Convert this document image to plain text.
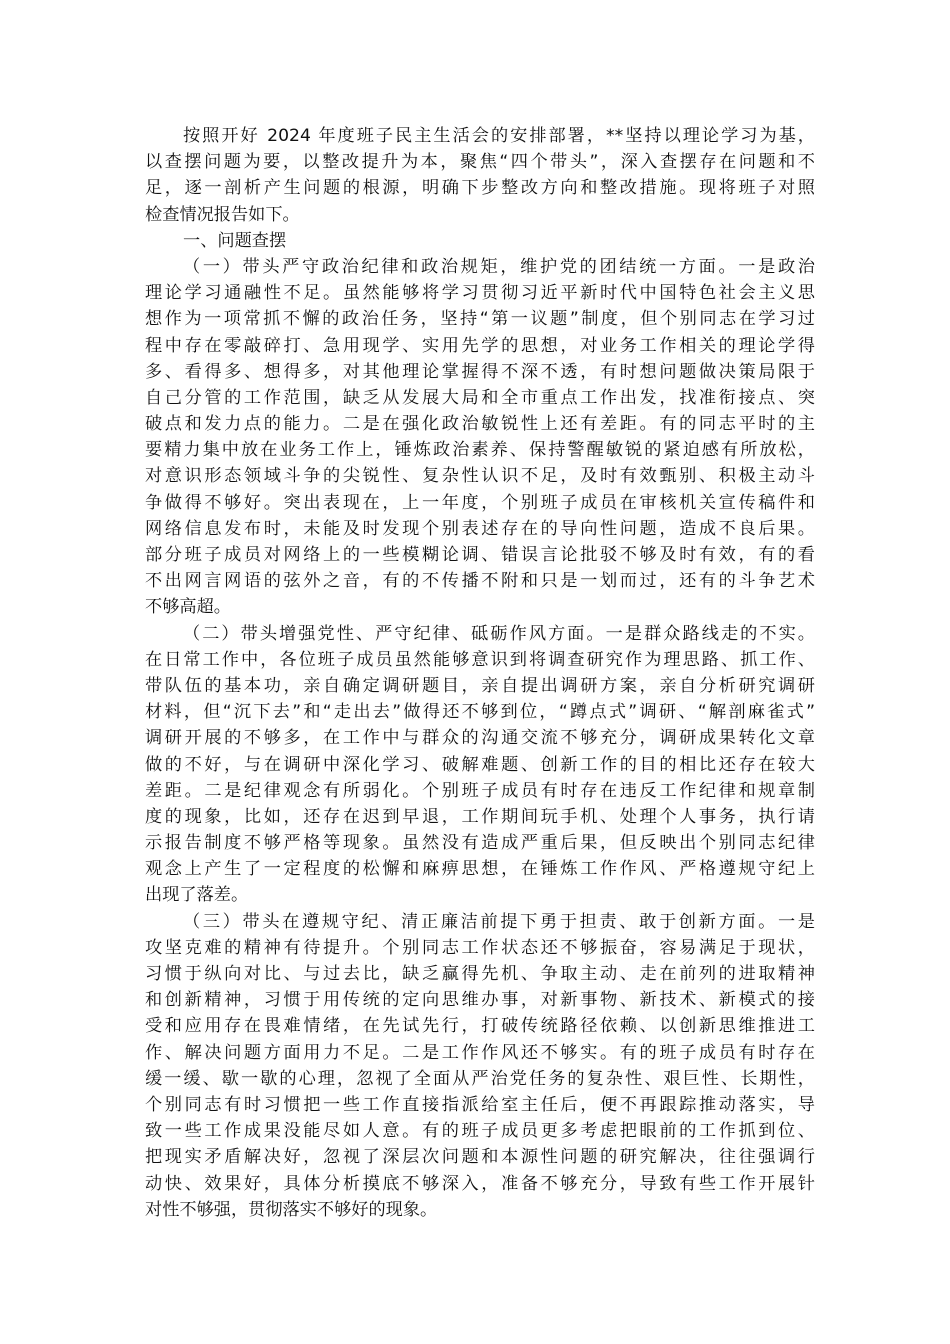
按照开好 2024 年度班子民主生活会的安排部署，**坚持以理论学习为基，
以查摆问题为要，以整改提升为本，聚焦“四个带头”，深入查摆存在问题和不
足，逐一剖析产生问题的根源，明确下步整改方向和整改措施。现将班子对照
检查情况报告如下。
一、问题查摆
（一）带头严守政治纪律和政治规矩，维护党的团结统一方面。一是政治
理论学习通融性不足。虽然能够将学习贯彻习近平新时代中国特色社会主义思
想作为一项常抓不懈的政治任务，坚持“第一议题”制度，但个别同志在学习过
程中存在零敲碎打、急用现学、实用先学的思想，对业务工作相关的理论学得
多、看得多、想得多，对其他理论掌握得不深不透，有时想问题做决策局限于
自己分管的工作范围，缺乏从发展大局和全市重点工作出发，找准衔接点、突
破点和发力点的能力。二是在强化政治敏锐性上还有差距。有的同志平时的主
要精力集中放在业务工作上，锤炼政治素养、保持警醒敏锐的紧迫感有所放松，
对意识形态领域斗争的尖锐性、复杂性认识不足，及时有效甄别、积极主动斗
争做得不够好。突出表现在，上一年度，个别班子成员在审核机关宣传稿件和
网络信息发布时，未能及时发现个别表述存在的导向性问题，造成不良后果。
部分班子成员对网络上的一些模糊论调、错误言论批驳不够及时有效，有的看
不出网言网语的弦外之音，有的不传播不附和只是一划而过，还有的斗争艺术
不够高超。
（二）带头增强党性、严守纪律、砥砺作风方面。一是群众路线走的不实。
在日常工作中，各位班子成员虽然能够意识到将调查研究作为理思路、抓工作、
带队伍的基本功，亲自确定调研题目，亲自提出调研方案，亲自分析研究调研
材料，但“沉下去”和“走出去”做得还不够到位，“蹲点式”调研、“解剖麻雀式”
调研开展的不够多，在工作中与群众的沟通交流不够充分，调研成果转化文章
做的不好，与在调研中深化学习、破解难题、创新工作的目的相比还存在较大
差距。二是纪律观念有所弱化。个别班子成员有时存在违反工作纪律和规章制
度的现象，比如，还存在迟到早退，工作期间玩手机、处理个人事务，执行请
示报告制度不够严格等现象。虽然没有造成严重后果，但反映出个别同志纪律
观念上产生了一定程度的松懈和麻痹思想，在锤炼工作作风、严格遵规守纪上
出现了落差。
（三）带头在遵规守纪、清正廉洁前提下勇于担责、敢于创新方面。一是
攻坚克难的精神有待提升。个别同志工作状态还不够振奋，容易满足于现状，
习惯于纵向对比、与过去比，缺乏赢得先机、争取主动、走在前列的进取精神
和创新精神，习惯于用传统的定向思维办事，对新事物、新技术、新模式的接
受和应用存在畏难情绪，在先试先行，打破传统路径依赖、以创新思维推进工
作、解决问题方面用力不足。二是工作作风还不够实。有的班子成员有时存在
缓一缓、歇一歇的心理，忽视了全面从严治党任务的复杂性、艰巨性、长期性，
个别同志有时习惯把一些工作直接指派给室主任后，便不再跟踪推动落实，导
致一些工作成果没能尽如人意。有的班子成员更多考虑把眼前的工作抓到位、
把现实矛盾解决好，忽视了深层次问题和本源性问题的研究解决，往往强调行
动快、效果好，具体分析摸底不够深入，准备不够充分，导致有些工作开展针
对性不够强，贯彻落实不够好的现象。
